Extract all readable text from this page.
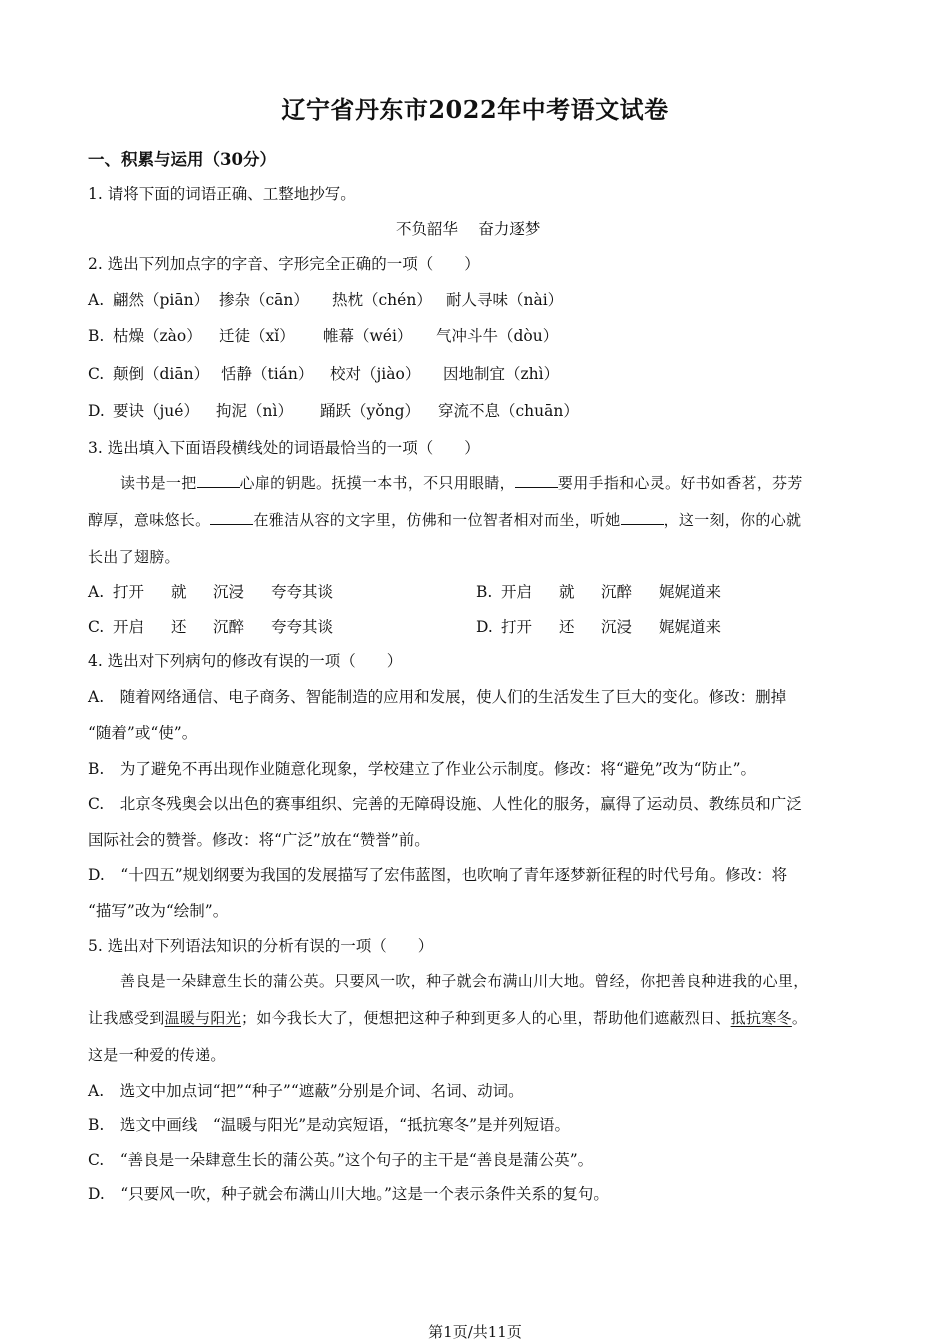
辽宁省丹东市2022年中考语文试卷
一、积累与运用（30分）
1. 请将下面的词语正确、工整地抄写。
不负韶华　 奋力逐梦
2. 选出下列加点字的字音、字形完全正确的一项（　　）
A. 翩然（piān） 掺杂（cān） 热枕（chén） 耐人寻味（nài）
B. 枯燥（zào） 迁徒（xǐ） 帷幕（wéi） 气冲斗牛（dòu）
C. 颠倒（diān） 恬静（tián） 校对（jiào） 因地制宜（zhì）
D. 要诀（jué） 拘泥（nì） 踊跃（yǒng） 穿流不息（chuān）
3. 选出填入下面语段横线处的词语最恰当的一项（　　）
读书是一把	心扉的钥匙。抚摸一本书，不只用眼睛，	要用手指和心灵。好书如香茗，芬芳
醇厚，意味悠长。	在雅洁从容的文字里，仿佛和一位智者相对而坐，听她	，这一刻，你的心就
长出了翅膀。
A. 打开 就 沉浸 夸夸其谈	B. 开启 就 沉醉 娓娓道来
C. 开启 还 沉醉 夸夸其谈	D. 打开 还 沉浸 娓娓道来
4. 选出对下列病句的修改有误的一项（　　）
A.　随着网络通信、电子商务、智能制造的应用和发展，使人们的生活发生了巨大的变化。修改：删掉
“随着”或“使”。
B.　为了避免不再出现作业随意化现象，学校建立了作业公示制度。修改：将“避免”改为“防止”。
C.　北京冬残奥会以出色的赛事组织、完善的无障碍设施、人性化的服务，赢得了运动员、教练员和广泛
国际社会的赞誉。修改：将“广泛”放在“赞誉”前。
D.　“十四五”规划纲要为我国的发展描写了宏伟蓝图，也吹响了青年逐梦新征程的时代号角。修改：将
“描写”改为“绘制”。
5. 选出对下列语法知识的分析有误的一项（　　）
善良是一朵肆意生长的蒲公英。只要风一吹，种子就会布满山川大地。曾经，你把善良种进我的心里，
让我感受到温暖与阳光；如今我长大了，便想把这种子种到更多人的心里，帮助他们遮蔽烈日、抵抗寒冬。
这是一种爱的传递。
A.　选文中加点词“把”“种子”“遮蔽”分别是介词、名词、动词。
B.　选文中画线　“温暖与阳光”是动宾短语，“抵抗寒冬”是并列短语。
C.　“善良是一朵肆意生长的蒲公英。”这个句子的主干是“善良是蒲公英”。
D.　“只要风一吹，种子就会布满山川大地。”这是一个表示条件关系的复句。
第1页/共11页
